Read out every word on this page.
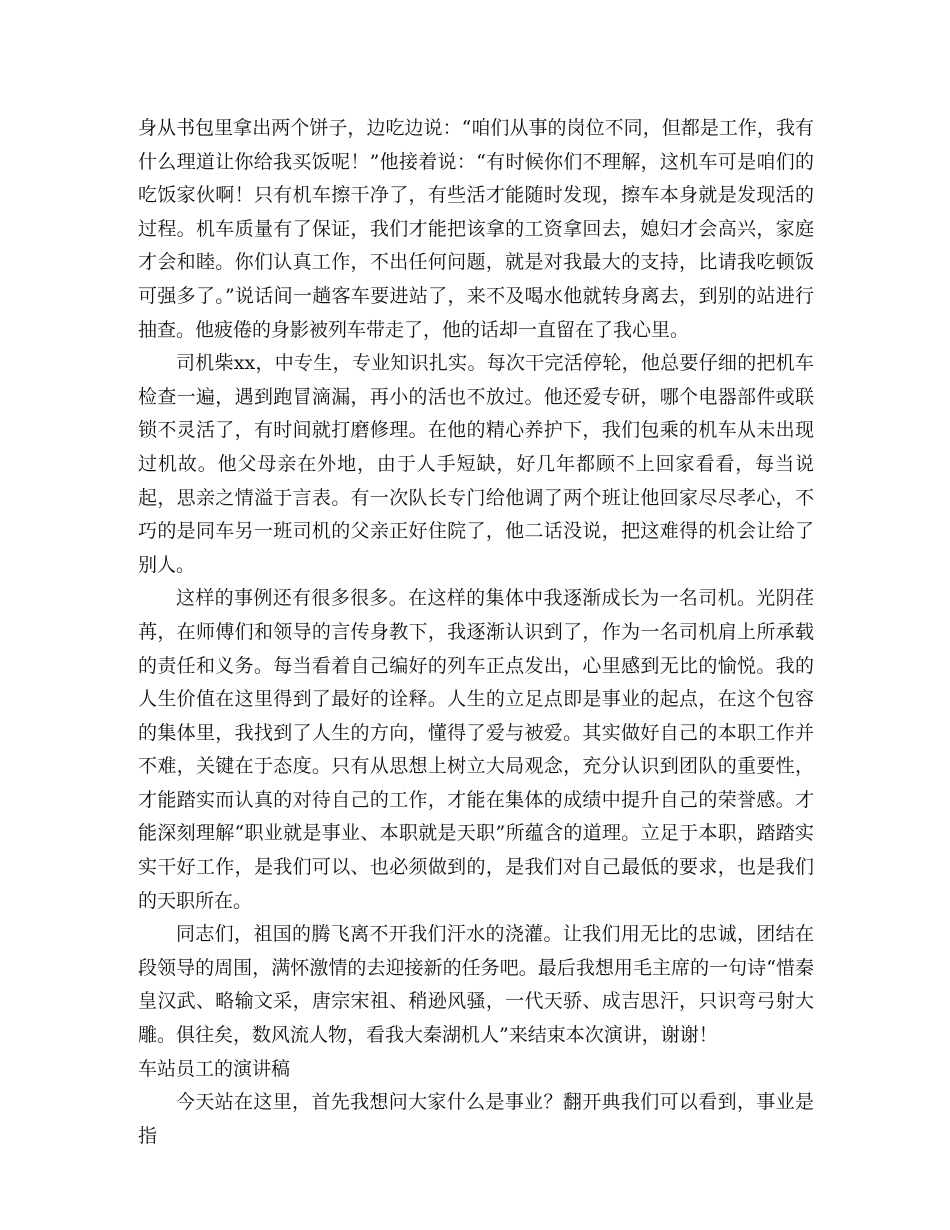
身从书包里拿出两个饼子，边吃边说：“咱们从事的岗位不同，但都是工作，我有什么理道让你给我买饭呢！”他接着说：“有时候你们不理解，这机车可是咱们的吃饭家伙啊！只有机车擦干净了，有些活才能随时发现，擦车本身就是发现活的过程。机车质量有了保证，我们才能把该拿的工资拿回去，媳妇才会高兴，家庭才会和睦。你们认真工作，不出任何问题，就是对我最大的支持，比请我吃顿饭可强多了。”说话间一趟客车要进站了，来不及喝水他就转身离去，到别的站进行抽查。他疲倦的身影被列车带走了，他的话却一直留在了我心里。

司机柴xx，中专生，专业知识扎实。每次干完活停轮，他总要仔细的把机车检查一遍，遇到跑冒滴漏，再小的活也不放过。他还爱专研，哪个电器部件或联锁不灵活了，有时间就打磨修理。在他的精心养护下，我们包乘的机车从未出现过机故。他父母亲在外地，由于人手短缺，好几年都顾不上回家看看，每当说起，思亲之情溢于言表。有一次队长专门给他调了两个班让他回家尽尽孝心，不巧的是同车另一班司机的父亲正好住院了，他二话没说，把这难得的机会让给了别人。

这样的事例还有很多很多。在这样的集体中我逐渐成长为一名司机。光阴荏苒，在师傅们和领导的言传身教下，我逐渐认识到了，作为一名司机肩上所承载的责任和义务。每当看着自己编好的列车正点发出，心里感到无比的愉悦。我的人生价值在这里得到了最好的诠释。人生的立足点即是事业的起点，在这个包容的集体里，我找到了人生的方向，懂得了爱与被爱。其实做好自己的本职工作并不难，关键在于态度。只有从思想上树立大局观念，充分认识到团队的重要性，才能踏实而认真的对待自己的工作，才能在集体的成绩中提升自己的荣誉感。才能深刻理解“职业就是事业、本职就是天职”所蕴含的道理。立足于本职，踏踏实实干好工作，是我们可以、也必须做到的，是我们对自己最低的要求，也是我们的天职所在。

同志们，祖国的腾飞离不开我们汗水的浇灌。让我们用无比的忠诚，团结在段领导的周围，满怀激情的去迎接新的任务吧。最后我想用毛主席的一句诗“惜秦皇汉武、略输文采，唐宗宋祖、稍逊风骚，一代天骄、成吉思汗，只识弯弓射大雕。俱往矣，数风流人物，看我大秦湖机人”来结束本次演讲，谢谢！

车站员工的演讲稿

今天站在这里，首先我想问大家什么是事业？翻开典我们可以看到，事业是指
